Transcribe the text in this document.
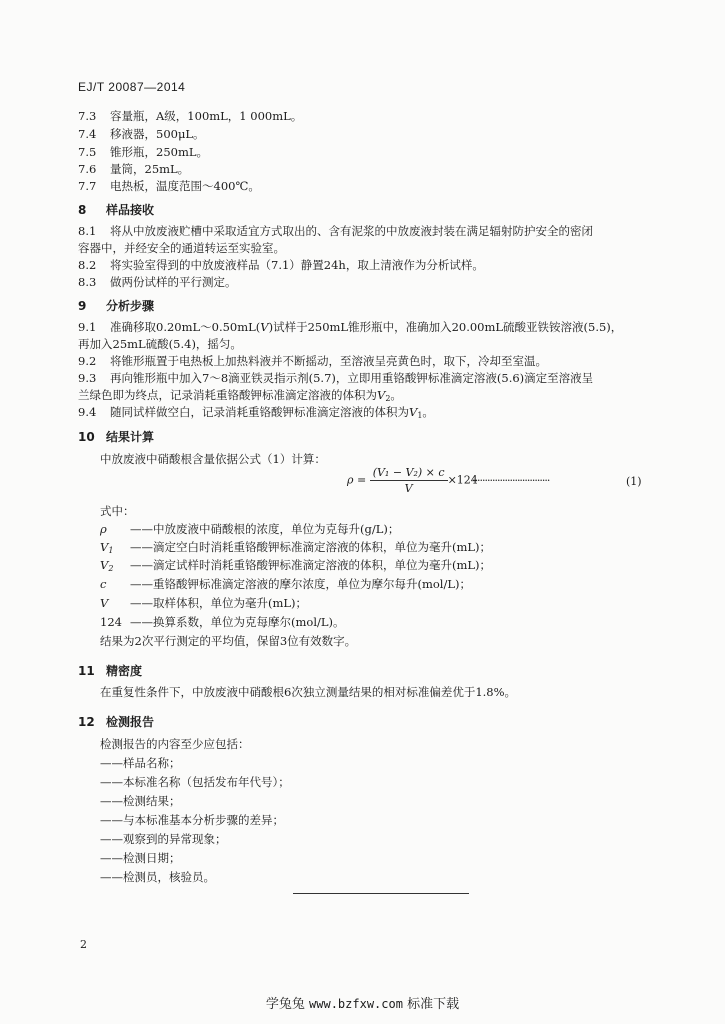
EJ/T 20087—2014
7.3 容量瓶，A级，100mL，1 000mL。
7.4 移液器，500μL。
7.5 锥形瓶，250mL。
7.6 量筒，25mL。
7.7 电热板，温度范围～400℃。
8 样品接收
8.1 将从中放废液贮槽中采取适宜方式取出的、含有泥浆的中放废液封装在满足辐射防护安全的密闭
容器中，并经安全的通道转运至实验室。
8.2 将实验室得到的中放废液样品（7.1）静置24h，取上清液作为分析试样。
8.3 做两份试样的平行测定。
9 分析步骤
9.1 准确移取0.20mL～0.50mL(V)试样于250mL锥形瓶中，准确加入20.00mL硫酸亚铁铵溶液(5.5)，
再加入25mL硫酸(5.4)，摇匀。
9.2 将锥形瓶置于电热板上加热料液并不断摇动，至溶液呈亮黄色时，取下，冷却至室温。
9.3 再向锥形瓶中加入7～8滴亚铁灵指示剂(5.7)，立即用重铬酸钾标准滴定溶液(5.6)滴定至溶液呈
兰绿色即为终点，记录消耗重铬酸钾标准滴定溶液的体积为$V_2$。
9.4 随同试样做空白，记录消耗重铬酸钾标准滴定溶液的体积为$V_1$。
10 结果计算
中放废液中硝酸根含量依据公式（1）计算：
$\rho = \frac{\text{(V₁ − V₂) × c}}{V} \times 124$
·······························	(1)
式中：
ρ ——中放废液中硝酸根的浓度，单位为克每升(g/L)；
$V_1$ ——滴定空白时消耗重铬酸钾标准滴定溶液的体积，单位为毫升(mL)；
$V_2$ ——滴定试样时消耗重铬酸钾标准滴定溶液的体积，单位为毫升(mL)；
c ——重铬酸钾标准滴定溶液的摩尔浓度，单位为摩尔每升(mol/L)；
V ——取样体积，单位为毫升(mL)；
124 ——换算系数，单位为克每摩尔(mol/L)。
结果为2次平行测定的平均值，保留3位有效数字。
11 精密度
在重复性条件下，中放废液中硝酸根6次独立测量结果的相对标准偏差优于1.8%。
12 检测报告
检测报告的内容至少应包括：
——样品名称；
——本标准名称（包括发布年代号）；
——检测结果；
——与本标准基本分析步骤的差异；
——观察到的异常现象；
——检测日期；
——检测员，核验员。
2
学兔兔 www.bzfxw.com 标准下载
